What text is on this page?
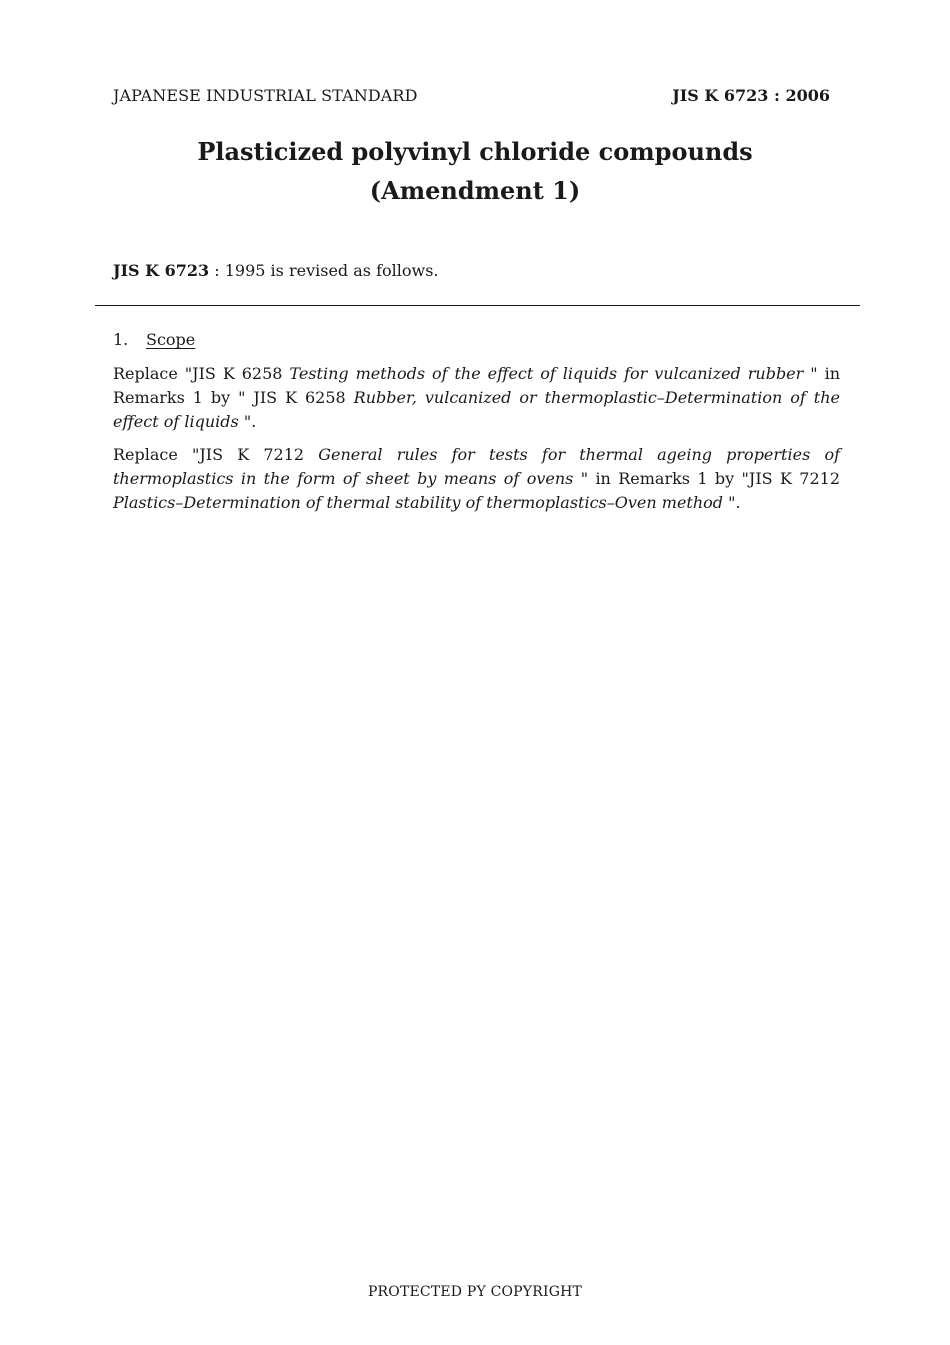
JAPANESE INDUSTRIAL STANDARD	JIS K 6723 : 2006
Plasticized polyvinyl chloride compounds
(Amendment 1)
JIS K 6723 : 1995 is revised as follows.
1. Scope
Replace "JIS K 6258 Testing methods of the effect of liquids for vulcanized rubber " in Remarks 1 by " JIS K 6258 Rubber, vulcanized or thermoplastic–Determination of the effect of liquids ".
Replace "JIS K 7212 General rules for tests for thermal ageing properties of thermoplastics in the form of sheet by means of ovens " in Remarks 1 by "JIS K 7212 Plastics–Determination of thermal stability of thermoplastics–Oven method ".
PROTECTED PY COPYRIGHT
